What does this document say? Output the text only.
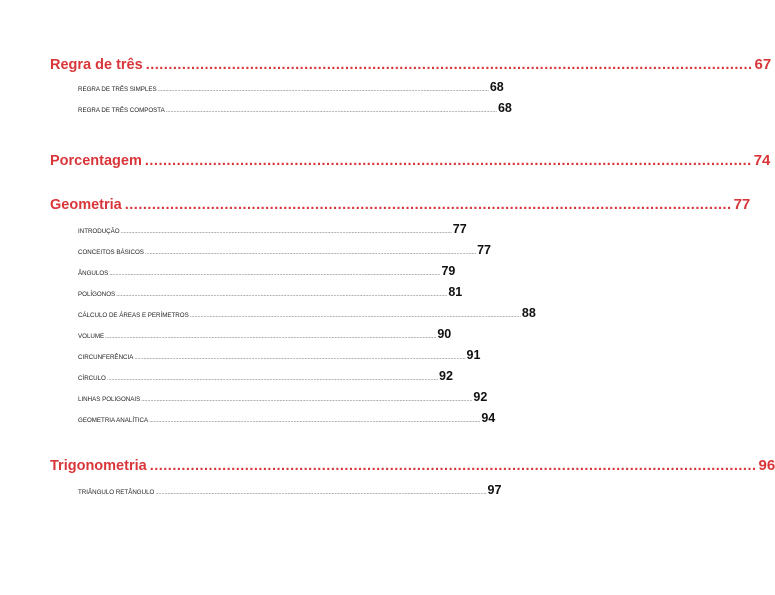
Regra de três ...................................................................................................................................... 67
REGRA DE TRÊS SIMPLES .......................................................................................................................................................................................................................... 68
REGRA DE TRÊS COMPOSTA .......................................................................................................................................................................................................................... 68
Porcentagem ...................................................................................................................................... 74
Geometria ...................................................................................................................................... 77
INTRODUÇÃO .......................................................................................................................................................................................................................... 77
CONCEITOS BÁSICOS .......................................................................................................................................................................................................................... 77
ÂNGULOS .......................................................................................................................................................................................................................... 79
POLÍGONOS .......................................................................................................................................................................................................................... 81
CÁLCULO DE ÁREAS E PERÍMETROS .......................................................................................................................................................................................................................... 88
VOLUME .......................................................................................................................................................................................................................... 90
CIRCUNFERÊNCIA .......................................................................................................................................................................................................................... 91
CÍRCULO .......................................................................................................................................................................................................................... 92
LINHAS POLIGONAIS .......................................................................................................................................................................................................................... 92
GEOMETRIA ANALÍTICA .......................................................................................................................................................................................................................... 94
Trigonometria ...................................................................................................................................... 96
TRIÂNGULO RETÂNGULO .......................................................................................................................................................................................................................... 97
